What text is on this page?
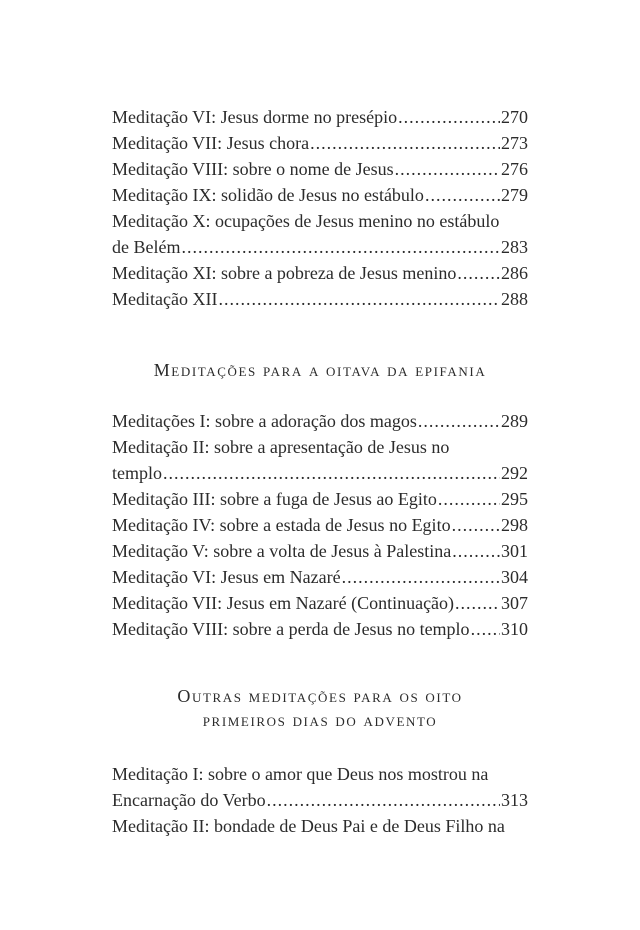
Meditação VI: Jesus dorme no presépio .....	270
Meditação VII: Jesus chora .....	273
Meditação VIII: sobre o nome de Jesus .....	276
Meditação IX: solidão de Jesus no estábulo .....	279
Meditação X: ocupações de Jesus menino no estábulo
de Belém .....	283
Meditação XI: sobre a pobreza de Jesus menino ..... 286
Meditação XII .....	288
Meditações para a oitava da epifania
Meditações I: sobre a adoração dos magos .....	289
Meditação II: sobre a apresentação de Jesus no
templo .....	292
Meditação III: sobre a fuga de Jesus ao Egito .....	295
Meditação IV: sobre a estada de Jesus no Egito .....	298
Meditação V: sobre a volta de Jesus à Palestina .....	301
Meditação VI: Jesus em Nazaré .....	304
Meditação VII: Jesus em Nazaré (Continuação) .....	307
Meditação VIII: sobre a perda de Jesus no templo ..... 310
Outras meditações para os oito
primeiros dias do advento
Meditação I: sobre o amor que Deus nos mostrou na
Encarnação do Verbo .....	313
Meditação II: bondade de Deus Pai e de Deus Filho na
